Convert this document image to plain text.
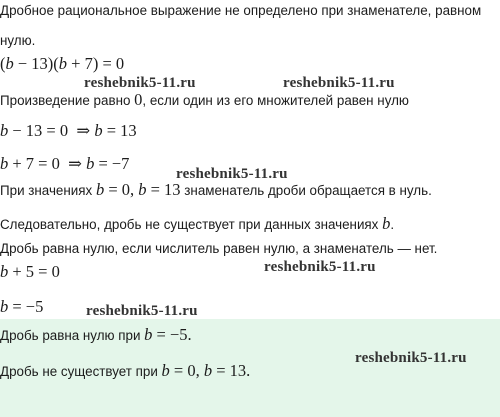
Дробное рациональное выражение не определено при знаменателе, равном
нулю.
(b − 13)(b + 7) = 0
Произведение равно 0, если один из его множителей равен нулю
b − 13 = 0  ⇒ b = 13
b + 7 = 0  ⇒ b = −7
При значениях b = 0, b = 13 знаменатель дроби обращается в нуль.
Следовательно, дробь не существует при данных значениях b.
Дробь равна нулю, если числитель равен нулю, а знаменатель — нет.
b + 5 = 0
b = −5
Дробь равна нулю при b = −5.
Дробь не существует при b = 0, b = 13.
reshebnik5-11.ru	reshebnik5-11.ru
reshebnik5-11.ru
reshebnik5-11.ru
reshebnik5-11.ru
reshebnik5-11.ru
